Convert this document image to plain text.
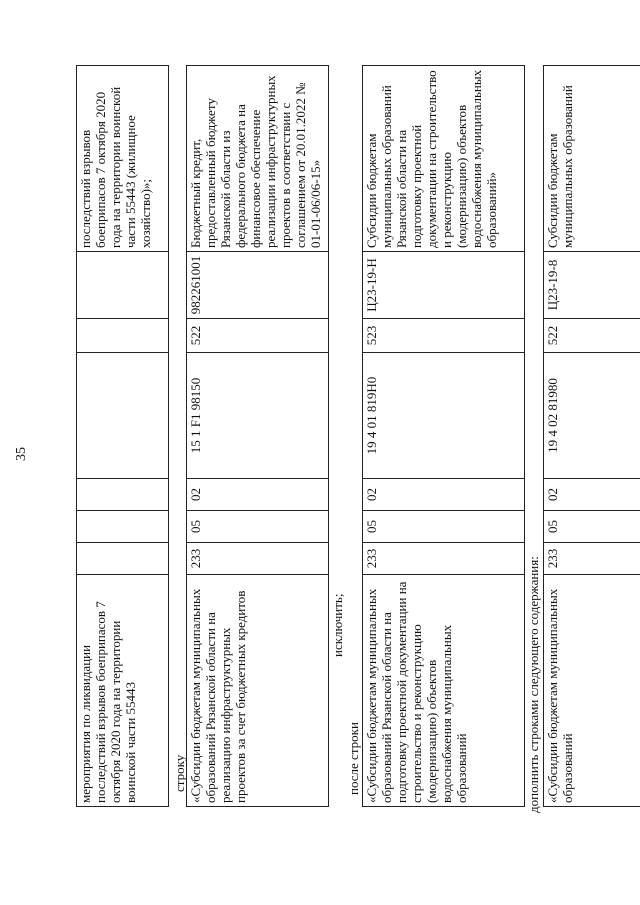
35
мероприятия по ликвидации последствий взрывов боеприпасов 7 октября 2020 года на территории воинской части 55443							последствий взрывов боеприпасов 7 октября 2020 года на территории воинской части 55443 (жилищное хозяйство)»;
строку «Субсидии бюджетам муниципальных образований Рязанской области на реализацию инфраструктурных проектов за счет бюджетных кредитов	233	05	02	15 1 F1 98150	522	982261001	Бюджетный кредит, предоставленный бюджету Рязанской области из федерального бюджета на финансовое обеспечение реализации инфраструктурных проектов в соответствии с соглашением от 20.01.2022 № 01-01-06/06-15»
исключить;
после строки «Субсидии бюджетам муниципальных образований Рязанской области на подготовку проектной документации на строительство и реконструкцию (модернизацию) объектов водоснабжения муниципальных образований	233	05	02	19 4 01 819Н0	523	Ц23-19-Н	Субсидии бюджетам муниципальных образований Рязанской области на подготовку проектной документации на строительство и реконструкцию (модернизацию) объектов водоснабжения муниципальных образований»
дополнить строками следующего содержания: «Субсидии бюджетам муниципальных образований	233	05	02	19 4 02 81980	522	Ц23-19-8	Субсидии бюджетам муниципальных образований
